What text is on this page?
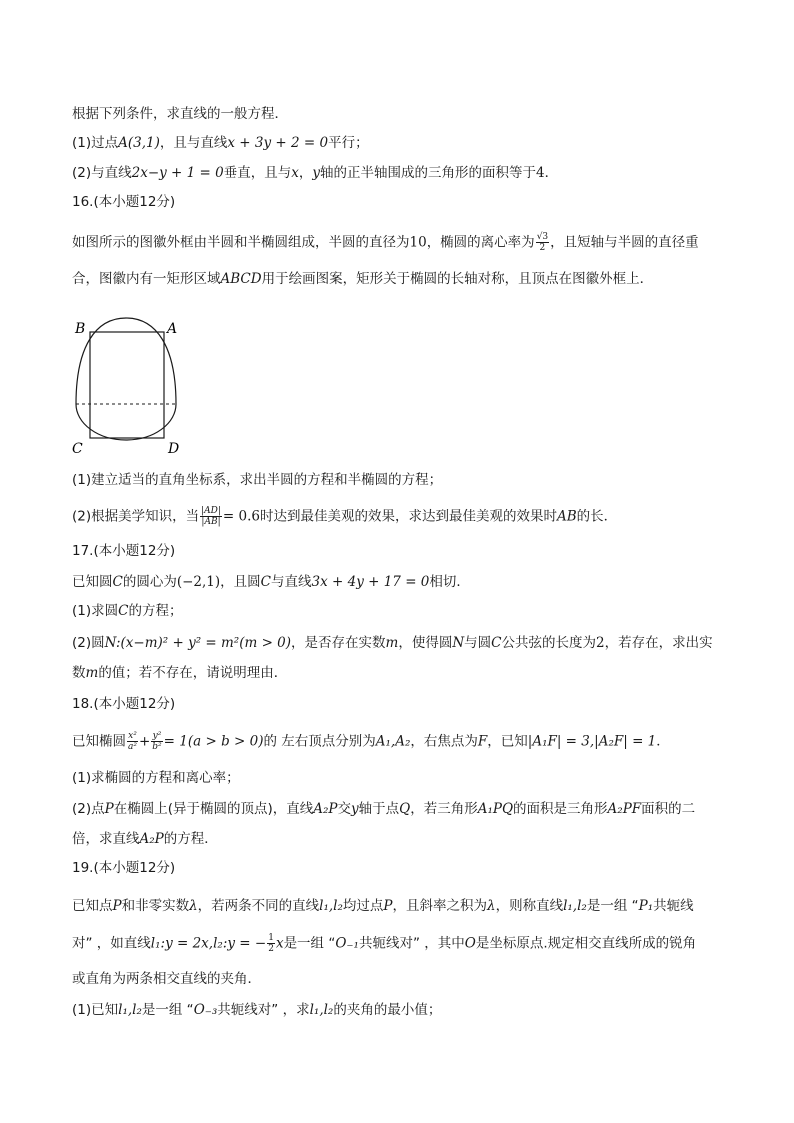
根据下列条件，求直线的一般方程．
(1)过点A(3,1)，且与直线x + 3y + 2 = 0平行；
(2)与直线2x−y + 1 = 0垂直，且与x，y轴的正半轴围成的三角形的面积等于4．
16.(本小题12分)
如图所示的图徽外框由半圆和半椭圆组成，半圆的直径为10，椭圆的离心率为 $\frac{√3}{2}$ ，且短轴与半圆的直径重
合，图徽内有一矩形区域ABCD用于绘画图案，矩形关于椭圆的长轴对称，且顶点在图徽外框上．
B	A
C	D
(1)建立适当的直角坐标系，求出半圆的方程和半椭圆的方程；
(2)根据美学知识，当 $\frac{|AD|}{|AB|} = 0.6$时达到最佳美观的效果，求达到最佳美观的效果时AB的长．
17.(本小题12分)
已知圆C的圆心为(−2,1)，且圆C与直线3x + 4y + 17 = 0相切．
(1)求圆C的方程；
(2)圆N:(x−m)² + y² = m²(m > 0)，是否存在实数m，使得圆N与圆C公共弦的长度为2，若存在，求出实
数m的值；若不存在，请说明理由．
18.(本小题12分)
已知椭圆 $\frac{\text{x²}}{\text{a²}} + \frac{\text{y²}}{\text{b²}} = 1(a > b > 0)$的 左右顶点分别为A₁,A₂，右焦点为F，已知|A₁F| = 3,|A₂F| = 1．
(1)求椭圆的方程和离心率；
(2)点P在椭圆上(异于椭圆的顶点)，直线A₂P交y轴于点Q，若三角形A₁PQ的面积是三角形A₂PF面积的二
倍，求直线A₂P的方程．
19.(本小题12分)
已知点P和非零实数λ，若两条不同的直线l₁,l₂均过点P，且斜率之积为λ，则称直线l₁,l₂是一组 “P₁共轭线
对” ，如直线l₁:y = 2x,l₂:y = − $\frac{1}{2}$ x是一组 “O₋₁共轭线对” ，其中O是坐标原点.规定相交直线所成的锐角
或直角为两条相交直线的夹角．
(1)已知l₁,l₂是一组 “O₋₃共轭线对” ，求l₁,l₂的夹角的最小值；
